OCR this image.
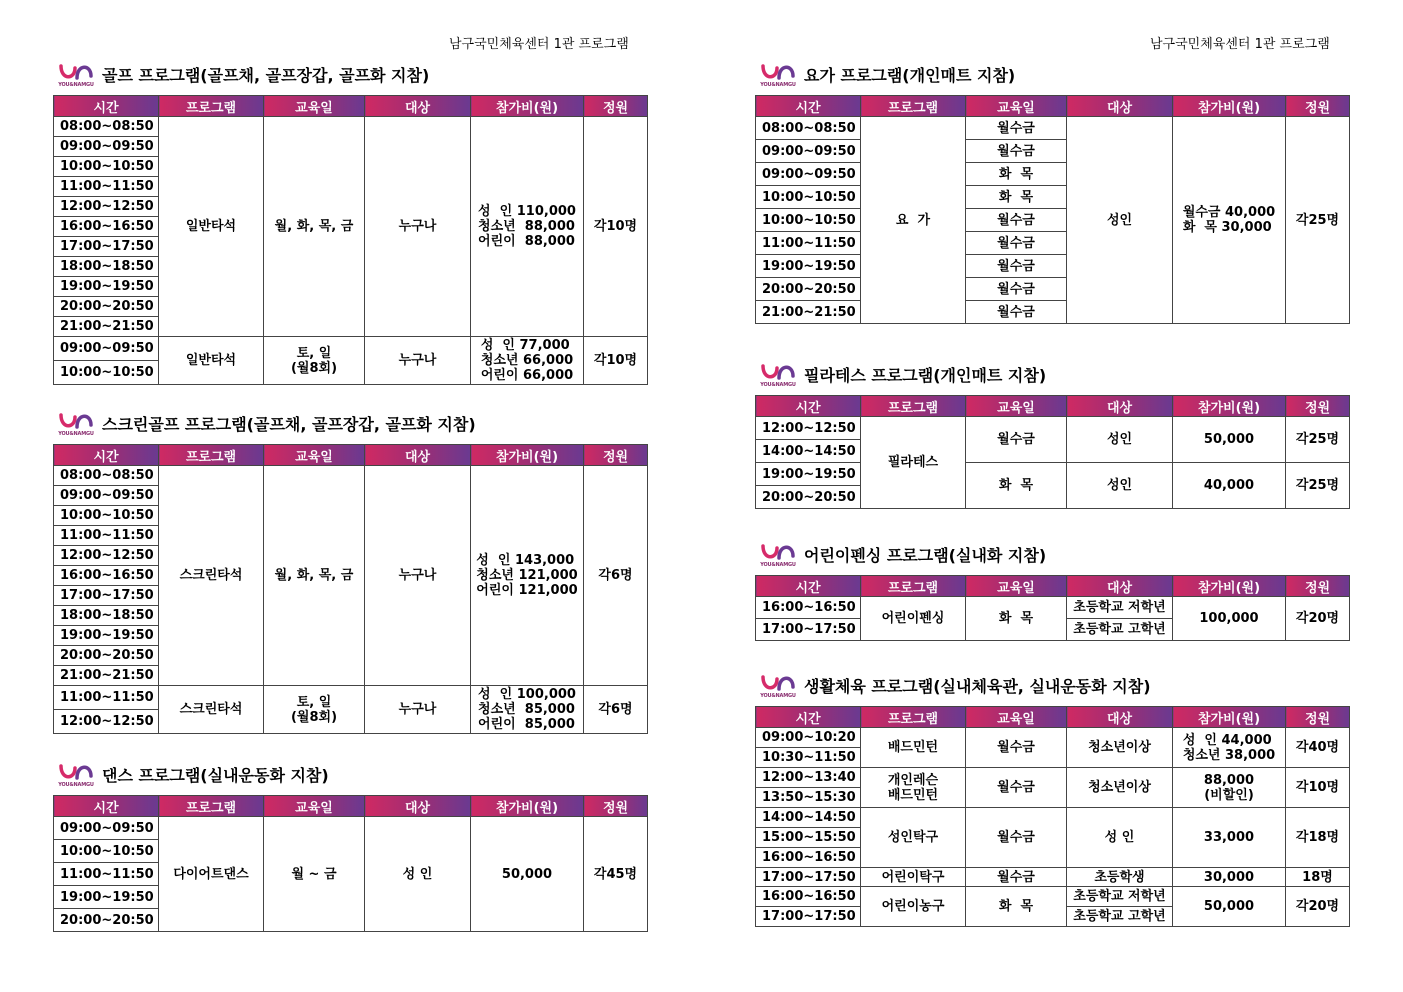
남구국민체육센터 1관 프로그램	남구국민체육센터 1관 프로그램
YOU&NAMGU
골프 프로그램(골프채, 골프장갑, 골프화 지참)
시간	프로그램	교육일	대상	참가비(원)	정원
08:00~08:50	일반타석	월, 화, 목, 금	누구나	성  인 110,000
청소년  88,000
어린이  88,000	각10명
09:00~09:50					
10:00~10:50					
11:00~11:50					
12:00~12:50					
16:00~16:50					
17:00~17:50					
18:00~18:50					
19:00~19:50					
20:00~20:50					
21:00~21:50					
09:00~09:50	일반타석	토, 일
(월8회)	누구나	성  인 77,000
청소년 66,000
어린이 66,000	각10명
10:00~10:50					
YOU&NAMGU
스크린골프 프로그램(골프채, 골프장갑, 골프화 지참)
시간	프로그램	교육일	대상	참가비(원)	정원
08:00~08:50	스크린타석	월, 화, 목, 금	누구나	성  인 143,000
청소년 121,000
어린이 121,000	각6명
09:00~09:50					
10:00~10:50					
11:00~11:50					
12:00~12:50					
16:00~16:50					
17:00~17:50					
18:00~18:50					
19:00~19:50					
20:00~20:50					
21:00~21:50					
11:00~11:50	스크린타석	토, 일
(월8회)	누구나	성  인 100,000
청소년  85,000
어린이  85,000	각6명
12:00~12:50					
YOU&NAMGU
댄스 프로그램(실내운동화 지참)
시간	프로그램	교육일	대상	참가비(원)	정원
09:00~09:50	다이어트댄스	월 ~ 금	성 인	50,000	각45명
10:00~10:50					
11:00~11:50					
19:00~19:50					
20:00~20:50					
YOU&NAMGU
요가 프로그램(개인매트 지참)
시간	프로그램	교육일	대상	참가비(원)	정원
08:00~08:50	요  가	월수금	성인	월수금 40,000
화  목 30,000	각25명
09:00~09:50		월수금			
09:00~09:50		화  목			
10:00~10:50		화  목			
10:00~10:50		월수금			
11:00~11:50		월수금			
19:00~19:50		월수금			
20:00~20:50		월수금			
21:00~21:50		월수금			
YOU&NAMGU
필라테스 프로그램(개인매트 지참)
시간	프로그램	교육일	대상	참가비(원)	정원
12:00~12:50	필라테스	월수금	성인	50,000	각25명
14:00~14:50					
19:00~19:50		화  목	성인	40,000	각25명
20:00~20:50					
YOU&NAMGU
어린이펜싱 프로그램(실내화 지참)
시간	프로그램	교육일	대상	참가비(원)	정원
16:00~16:50	어린이펜싱	화  목	초등학교 저학년	100,000	각20명
17:00~17:50			초등학교 고학년		
YOU&NAMGU
생활체육 프로그램(실내체육관, 실내운동화 지참)
시간	프로그램	교육일	대상	참가비(원)	정원
09:00~10:20	배드민턴	월수금	청소년이상	성  인 44,000
청소년 38,000	각40명
10:30~11:50					
12:00~13:40	개인레슨
배드민턴	월수금	청소년이상	88,000
(비할인)	각10명
13:50~15:30					
14:00~14:50	성인탁구	월수금	성 인	33,000	각18명
15:00~15:50					
16:00~16:50					
17:00~17:50	어린이탁구	월수금	초등학생	30,000	18명
16:00~16:50	어린이농구	화  목	초등학교 저학년	50,000	각20명
17:00~17:50			초등학교 고학년		
